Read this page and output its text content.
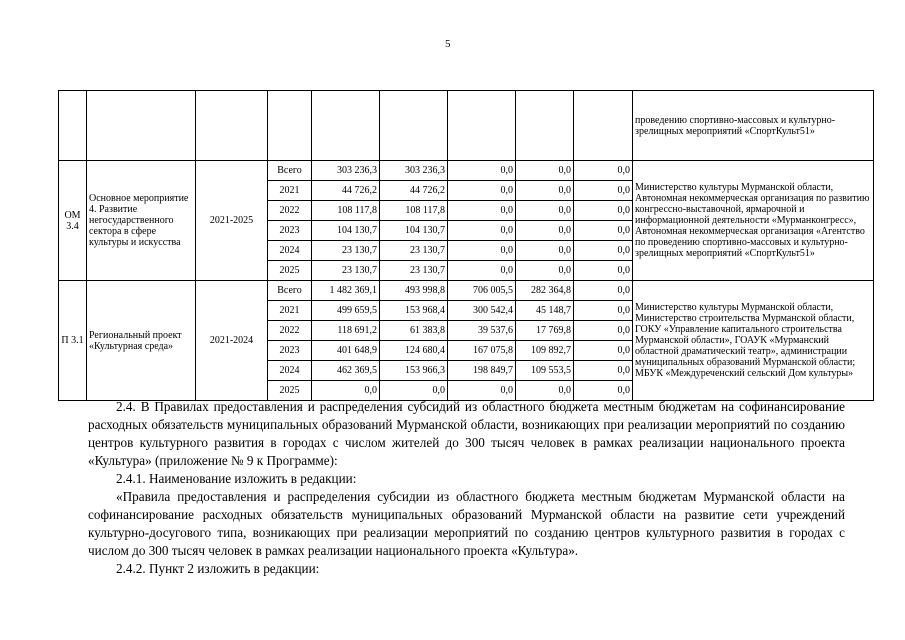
5
									проведению спортивно-массовых и культурно-зрелищных мероприятий «СпортКульт51»
ОМ 3.4	Основное мероприятие 4. Развитие негосударственного сектора в сфере культуры и искусства	2021-2025	Всего	303 236,3	303 236,3	0,0	0,0	0,0	Министерство культуры Мурманской области, Автономная некоммерческая организация по развитию конгрессно-выставочной, ярмарочной и информационной деятельности «Мурманконгресс», Автономная некоммерческая организация «Агентство по проведению спортивно-массовых и культурно-зрелищных мероприятий «СпортКульт51»
			2021	44 726,2	44 726,2	0,0	0,0	0,0	
			2022	108 117,8	108 117,8	0,0	0,0	0,0	
			2023	104 130,7	104 130,7	0,0	0,0	0,0	
			2024	23 130,7	23 130,7	0,0	0,0	0,0	
			2025	23 130,7	23 130,7	0,0	0,0	0,0	
П 3.1	Региональный проект «Культурная среда»	2021-2024	Всего	1 482 369,1	493 998,8	706 005,5	282 364,8	0,0	Министерство культуры Мурманской области, Министерство строительства Мурманской области, ГОКУ «Управление капитального строительства Мурманской области», ГОАУК «Мурманский областной драматический театр», администрации муниципальных образований Мурманской области; МБУК «Междуреченский сельский Дом культуры»
			2021	499 659,5	153 968,4	300 542,4	45 148,7	0,0	
			2022	118 691,2	61 383,8	39 537,6	17 769,8	0,0	
			2023	401 648,9	124 680,4	167 075,8	109 892,7	0,0	
			2024	462 369,5	153 966,3	198 849,7	109 553,5	0,0	
			2025	0,0	0,0	0,0	0,0	0,0	
2.4. В Правилах предоставления и распределения субсидий из областного бюджета местным бюджетам на софинансирование расходных обязательств муниципальных образований Мурманской области, возникающих при реализации мероприятий по созданию центров культурного развития в городах с числом жителей до 300 тысяч человек в рамках реализации национального проекта «Культура» (приложение № 9 к Программе):
2.4.1. Наименование изложить в редакции:
«Правила предоставления и распределения субсидии из областного бюджета местным бюджетам Мурманской области на софинансирование расходных обязательств муниципальных образований Мурманской области на развитие сети учреждений культурно-досугового типа, возникающих при реализации мероприятий по созданию центров культурного развития в городах с числом до 300 тысяч человек в рамках реализации национального проекта «Культура».
2.4.2. Пункт 2 изложить в редакции:
